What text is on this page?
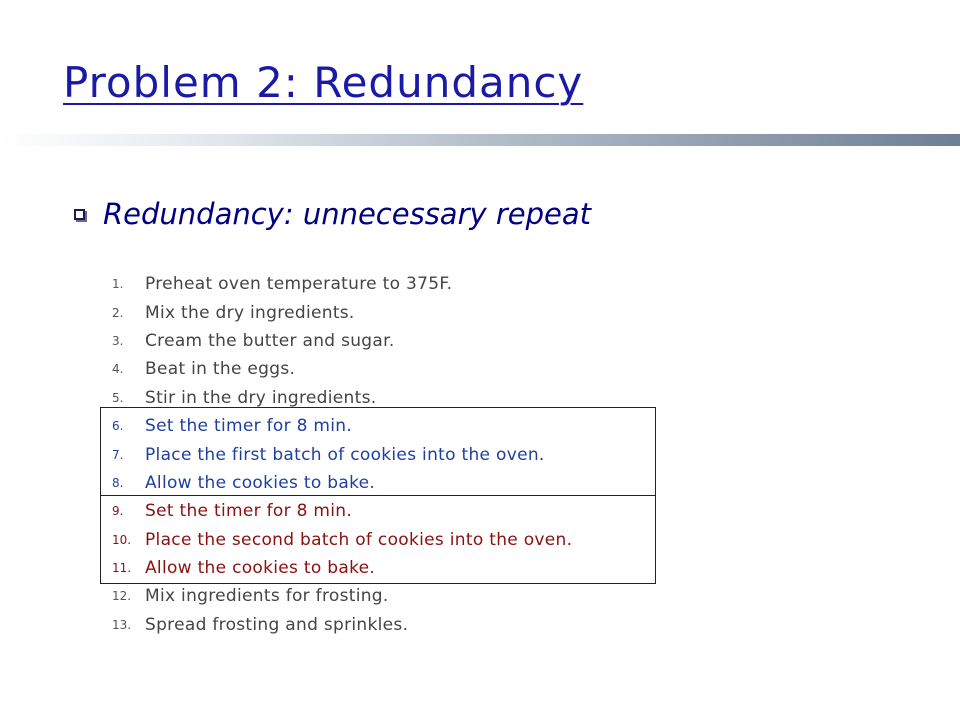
Problem 2: Redundancy
Redundancy: unnecessary repeat
1.	Preheat oven temperature to 375F.
2.	Mix the dry ingredients.
3.	Cream the butter and sugar.
4.	Beat in the eggs.
5.	Stir in the dry ingredients.
6.	Set the timer for 8 min.
7.	Place the first batch of cookies into the oven.
8.	Allow the cookies to bake.
9.	Set the timer for 8 min.
10. Place the second batch of cookies into the oven.
11. Allow the cookies to bake.
12. Mix ingredients for frosting.
13. Spread frosting and sprinkles.
